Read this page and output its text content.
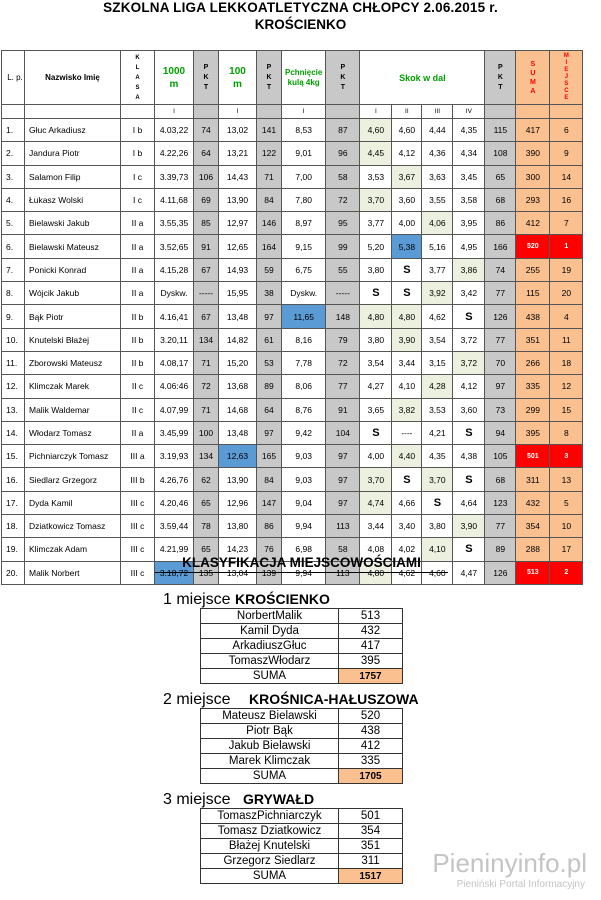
SZKOLNA LIGA LEKKOATLETYCZNA CHŁOPCY 2.06.2015 r.
KROŚCIENKO
L. p.	Nazwisko Imię	K L A S A	1000 m	P K T	100 m	P K T	Pchnięcie kulą 4kg	P K T	Skok w dal				P K T	S U M A	M I E J S C E
			I		I		I		I	II	III	IV			
1.	Głuc Arkadiusz	I b	4.03,22	74	13,02	141	8,53	87	4,60	4,60	4,44	4,35	115	417	6
2.	Jandura Piotr	I b	4.22,26	64	13,21	122	9,01	96	4,45	4,12	4,36	4,34	108	390	9
3.	Salamon Filip	I c	3.39,73	106	14,43	71	7,00	58	3,53	3,67	3,63	3,45	65	300	14
4.	Łukasz Wolski	I c	4.11,68	69	13,90	84	7,80	72	3,70	3,60	3,55	3,58	68	293	16
5.	Bielawski Jakub	II a	3.55,35	85	12,97	146	8,97	95	3,77	4,00	4,06	3,95	86	412	7
6.	Bielawski Mateusz	II a	3.52,65	91	12,65	164	9,15	99	5,20	5,38	5,16	4,95	166	520	1
7.	Ponicki Konrad	II a	4.15,28	67	14,93	59	6,75	55	3,80	S	3,77	3,86	74	255	19
8.	Wójcik Jakub	II a	Dyskw.	-----	15,95	38	Dyskw.	-----	S	S	3,92	3,42	77	115	20
9.	Bąk Piotr	II b	4.16,41	67	13,48	97	11,65	148	4,80	4,80	4,62	S	126	438	4
10.	Knutelski Błażej	II b	3.20,11	134	14,82	61	8,16	79	3,80	3,90	3,54	3,72	77	351	11
11.	Zborowski Mateusz	II b	4.08,17	71	15,20	53	7,78	72	3,54	3,44	3,15	3,72	70	266	18
12.	Klimczak Marek	II c	4.06:46	72	13,68	89	8,06	77	4,27	4,10	4,28	4,12	97	335	12
13.	Malik Waldemar	II c	4.07,99	71	14,68	64	8,76	91	3,65	3,82	3,53	3,60	73	299	15
14.	Włodarz Tomasz	II a	3.45,99	100	13,48	97	9,42	104	S	----	4,21	S	94	395	8
15.	Pichniarczyk Tomasz	III a	3.19,93	134	12,63	165	9,03	97	4,00	4,40	4,35	4,38	105	501	3
16.	Siedlarz Grzegorz	III b	4.26,76	62	13,90	84	9,03	97	3,70	S	3,70	S	68	311	13
17.	Dyda Kamil	III c	4.20,46	65	12,96	147	9,04	97	4,74	4,66	S	4,64	123	432	5
18.	Dziatkowicz Tomasz	III c	3.59,44	78	13,80	86	9,94	113	3,44	3,40	3,80	3,90	77	354	10
19.	Klimczak Adam	III c	4.21,99	65	14,23	76	6,98	58	4,08	4,02	4,10	S	89	288	17
20.	Malik Norbert	III c	3.18,72	135	13,04	139	9,94	113	4,80	4,62	4,60	4,47	126	513	2
KLASYFIKACJA MIEJSCOWOŚCIAMI
1 miejsce KROŚCIENKO
NorbertMalik	513
Kamil Dyda	432
ArkadiuszGłuc	417
TomaszWłodarz	395
SUMA	1757
2 miejsce KROŚNICA-HAŁUSZOWA
Mateusz Bielawski	520
Piotr Bąk	438
Jakub Bielawski	412
Marek Klimczak	335
SUMA	1705
3 miejsce GRYWAŁD
TomaszPichniarczyk	501
Tomasz Dziatkowicz	354
Błażej Knutelski	351
Grzegorz Siedlarz	311
SUMA	1517 Pieninyinfo.pl
Pieniński Portal Informacyjny
